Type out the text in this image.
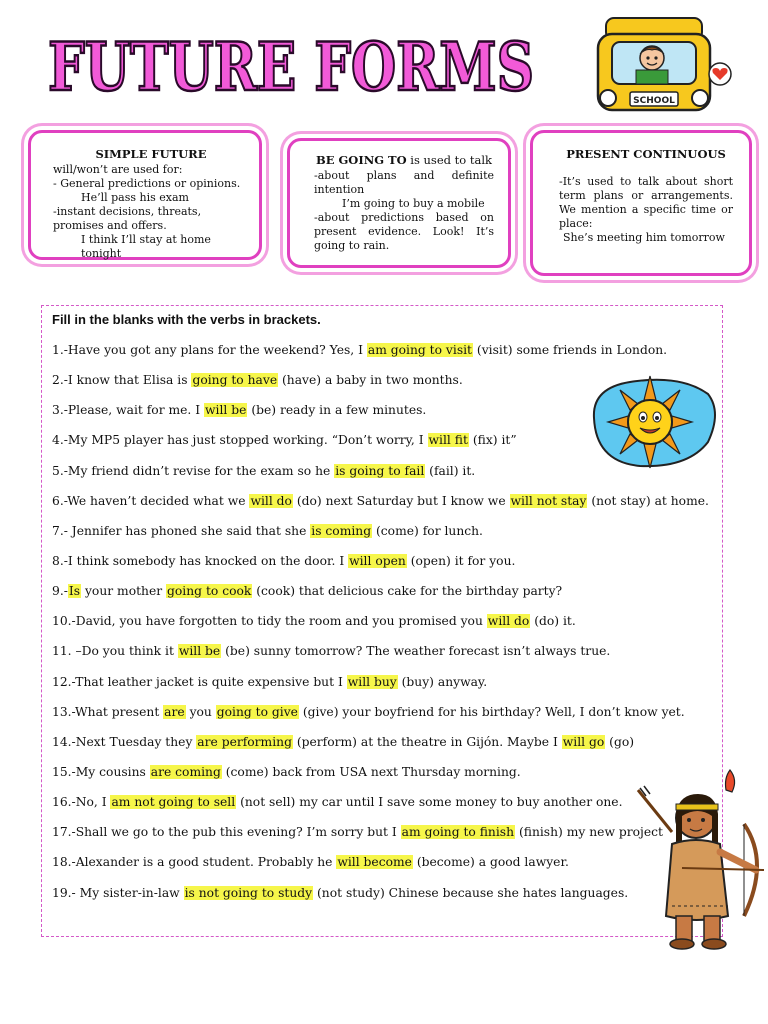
FUTURE FORMS	SCHOOL
SIMPLE FUTURE
will/won’t are used for:
- General predictions or opinions.
He’ll pass his exam
-instant decisions, threats, promises and offers.
I think I’ll stay at home tonight
BE GOING TO is used to talk
-about plans and definite intention
I’m going to buy a mobile
-about predictions based on present evidence. Look! It’s going to rain.
PRESENT CONTINUOUS
-It’s used to talk about short term plans or arrangements. We mention a specific time or place:
She’s meeting him tomorrow
Fill in the blanks with the verbs in brackets.
1.-Have you got any plans for the weekend? Yes, I am going to visit (visit) some friends in London.
2.-I know that Elisa is going to have (have) a baby in two months.
3.-Please, wait for me. I will be (be) ready in a few minutes.
4.-My MP5 player has just stopped working. “Don’t worry, I will fit (fix) it”
5.-My friend didn’t revise for the exam so he is going to fail (fail) it.
6.-We haven’t decided what we will do (do) next Saturday but I know we will not stay (not stay) at home.
7.- Jennifer has phoned she said that she is coming (come) for lunch.
8.-I think somebody has knocked on the door. I will open (open) it for you.
9.-Is your mother going to cook (cook) that delicious cake for the birthday party?
10.-David, you have forgotten to tidy the room and you promised you will do (do) it.
11. –Do you think it will be (be) sunny tomorrow? The weather forecast isn’t always true.
12.-That leather jacket is quite expensive but I will buy (buy) anyway.
13.-What present are you going to give (give) your boyfriend for his birthday? Well, I don’t know yet.
14.-Next Tuesday they are performing (perform) at the theatre in Gijón. Maybe I will go (go)
15.-My cousins are coming (come) back from USA next Thursday morning.
16.-No, I am not going to sell (not sell) my car until I save some money to buy another one.
17.-Shall we go to the pub this evening? I’m sorry but I am going to finish (finish) my new project
18.-Alexander is a good student. Probably he will become (become) a good lawyer.
19.- My sister-in-law is not going to study (not study) Chinese because she hates languages.
